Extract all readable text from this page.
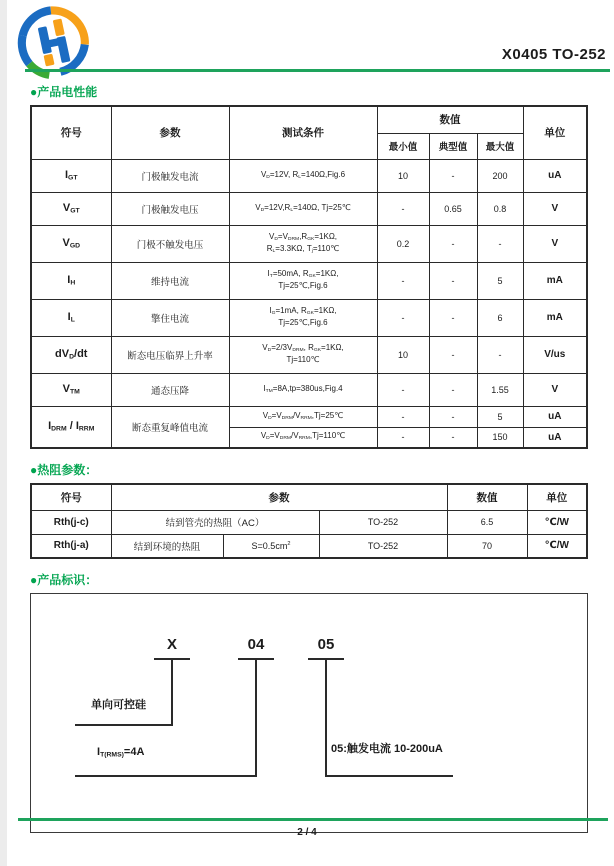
X0405 TO-252
●产品电性能
符号	参数	测试条件	数值			单位
			最小值	典型值	最大值	
$I_{GT}$	门极触发电流	$V_D=12V$, $R_L=140\Omega,Fig.6$	10	-	200	uA
$V_{GT}$	门极触发电压	$V_D=12V,R_L=140\Omega$, Tj=25℃	-	0.65	0.8	V
$V_{GD}$	门极不触发电压	$V_D=V_{DRM},R_{GK}=1K\Omega$,
$R_L=3.3K\Omega$, $T_j=110℃$	0.2	-	-	V
$I_H$	维持电流	$I_T=50mA$, $R_{GK}=1K\Omega$,
Tj=25℃,Fig.6	-	-	5	mA
$I_L$	擎住电流	$I_G=1mA$, $R_{GK}=1K\Omega$,
Tj=25℃,Fig.6	-	-	6	mA
$dV_D/dt$	断态电压临界上升率	$V_D=2/3V_{DRM}$, $R_{GK}=1K\Omega$,
Tj=110℃	10	-	-	V/us
$V_{TM}$	通态压降	$I_{TM}=8A,tp=380us,Fig.4$	-	-	1.55	V
$I_{DRM} / I_{RRM}$	断态重复峰值电流	$V_D=V_{DRM}/V_{RRM},Tj=25℃$	-	-	5	uA
		$V_D=V_{DRM}/V_{RRM},Tj=110℃$	-	-	150	uA
●热阻参数：
符号	参数			数值	单位
Rth(j-c)	结到管壳的热阻（AC）		TO-252	6.5	℃/W
Rth(j-a)	结到环境的热阻	$S=0.5cm^2$	TO-252	70	℃/W
●产品标识：
X	04	05
单向可控硅
$I_{T(RMS)}=4A$	05:触发电流 10-200uA
2 / 4
